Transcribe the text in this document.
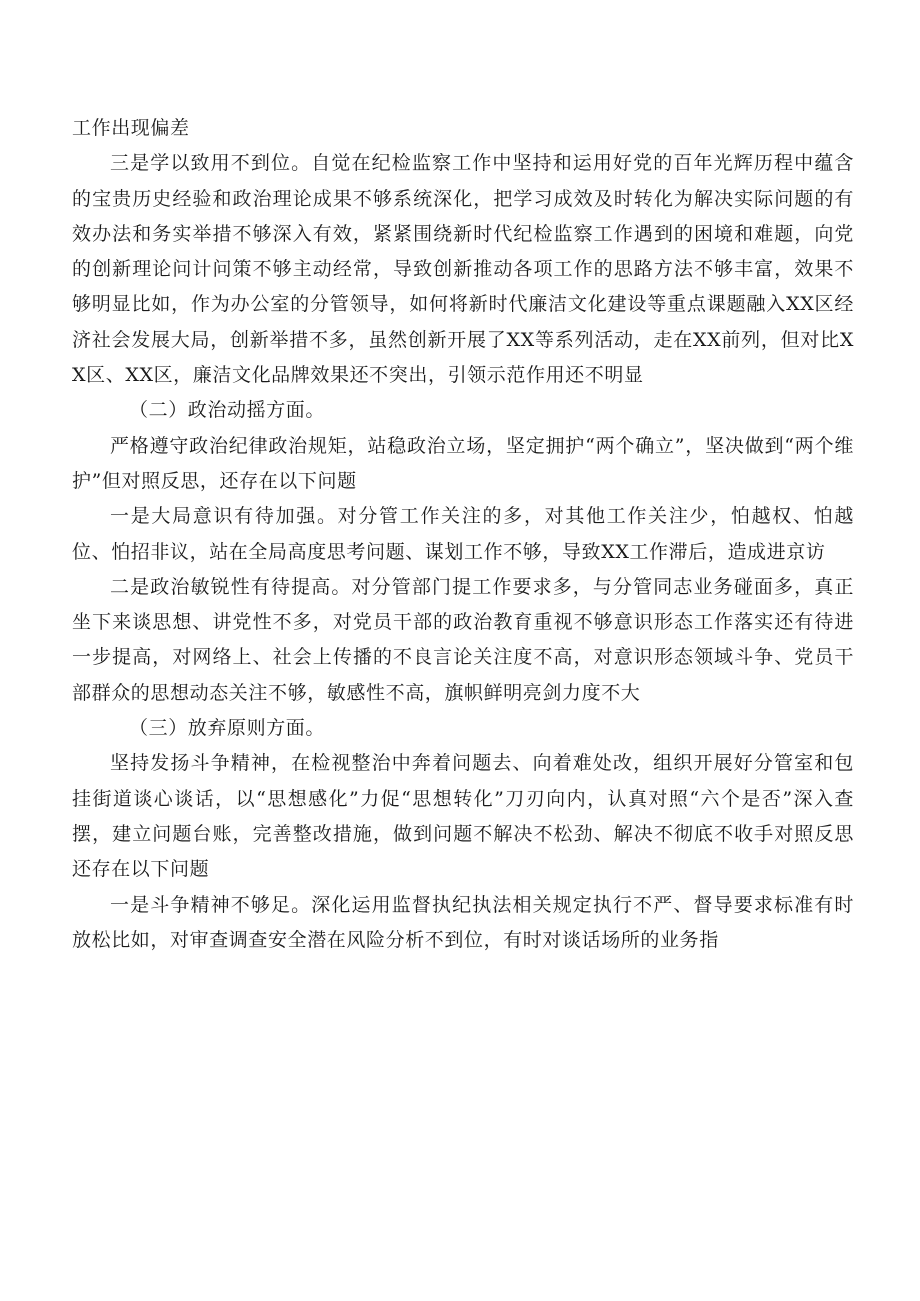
工作出现偏差

三是学以致用不到位。自觉在纪检监察工作中坚持和运用好党的百年光辉历程中蕴含的宝贵历史经验和政治理论成果不够系统深化，把学习成效及时转化为解决实际问题的有效办法和务实举措不够深入有效，紧紧围绕新时代纪检监察工作遇到的困境和难题，向党的创新理论问计问策不够主动经常，导致创新推动各项工作的思路方法不够丰富，效果不够明显比如，作为办公室的分管领导，如何将新时代廉洁文化建设等重点课题融入XX区经济社会发展大局，创新举措不多，虽然创新开展了XX等系列活动，走在XX前列，但对比XX区、XX区，廉洁文化品牌效果还不突出，引领示范作用还不明显

（二）政治动摇方面。

严格遵守政治纪律政治规矩，站稳政治立场，坚定拥护“两个确立”，坚决做到“两个维护”但对照反思，还存在以下问题

一是大局意识有待加强。对分管工作关注的多，对其他工作关注少，怕越权、怕越位、怕招非议，站在全局高度思考问题、谋划工作不够，导致XX工作滞后，造成进京访

二是政治敏锐性有待提高。对分管部门提工作要求多，与分管同志业务碰面多，真正坐下来谈思想、讲党性不多，对党员干部的政治教育重视不够意识形态工作落实还有待进一步提高，对网络上、社会上传播的不良言论关注度不高，对意识形态领域斗争、党员干部群众的思想动态关注不够，敏感性不高，旗帜鲜明亮剑力度不大

（三）放弃原则方面。

坚持发扬斗争精神，在检视整治中奔着问题去、向着难处改，组织开展好分管室和包挂街道谈心谈话，以“思想感化”力促“思想转化”刀刃向内，认真对照“六个是否”深入查摆，建立问题台账，完善整改措施，做到问题不解决不松劲、解决不彻底不收手对照反思还存在以下问题

一是斗争精神不够足。深化运用监督执纪执法相关规定执行不严、督导要求标准有时放松比如，对审查调查安全潜在风险分析不到位，有时对谈话场所的业务指
